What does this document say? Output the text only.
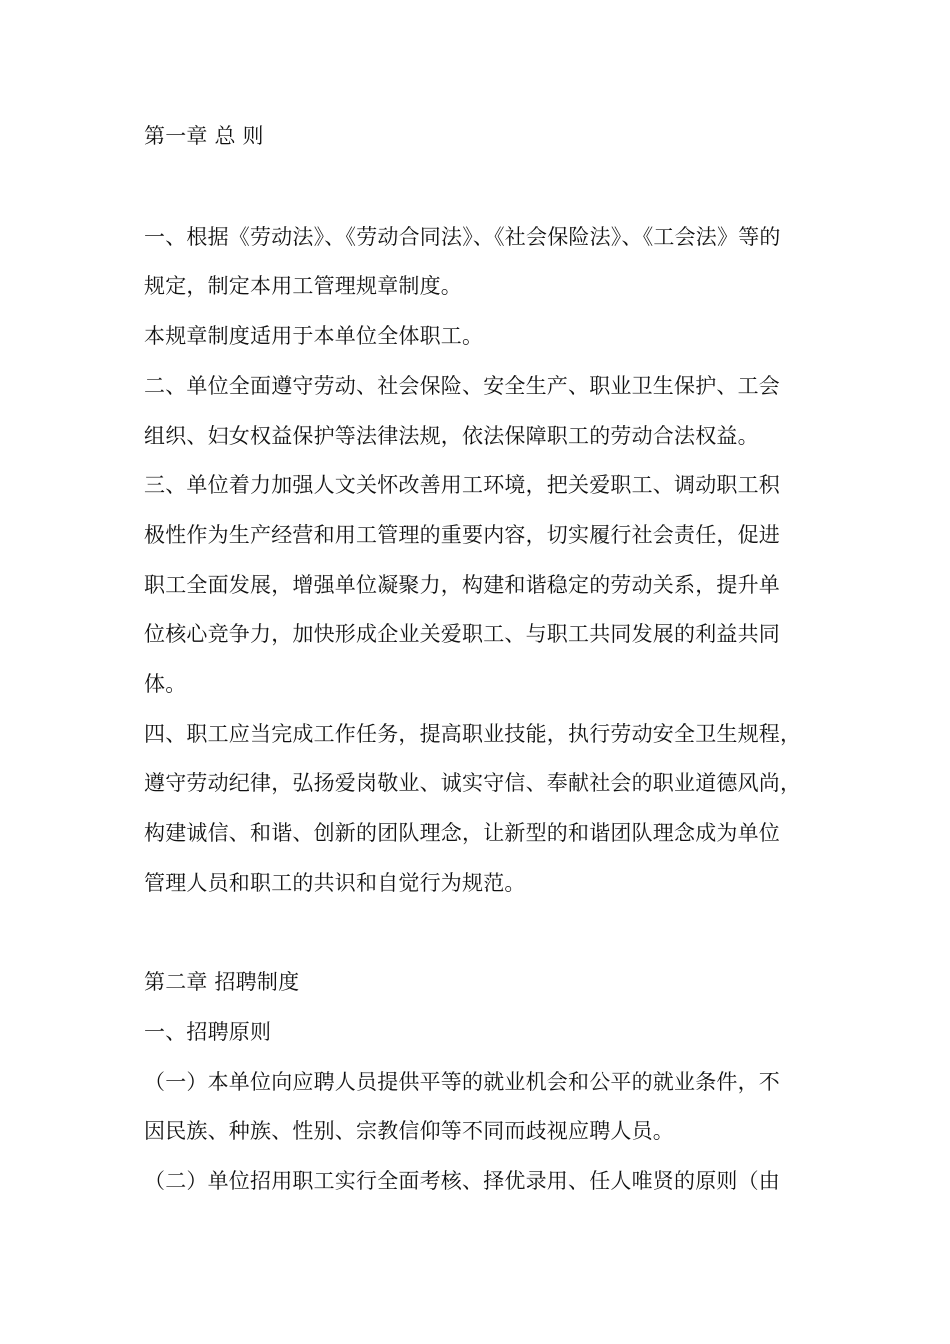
第一章 总 则
一、根据《劳动法》、《劳动合同法》、《社会保险法》、《工会法》等的
规定，制定本用工管理规章制度。
本规章制度适用于本单位全体职工。
二、单位全面遵守劳动、社会保险、安全生产、职业卫生保护、工会
组织、妇女权益保护等法律法规，依法保障职工的劳动合法权益。
三、单位着力加强人文关怀改善用工环境，把关爱职工、调动职工积
极性作为生产经营和用工管理的重要内容，切实履行社会责任，促进
职工全面发展，增强单位凝聚力，构建和谐稳定的劳动关系，提升单
位核心竞争力，加快形成企业关爱职工、与职工共同发展的利益共同
体。
四、职工应当完成工作任务，提高职业技能，执行劳动安全卫生规程，
遵守劳动纪律，弘扬爱岗敬业、诚实守信、奉献社会的职业道德风尚，
构建诚信、和谐、创新的团队理念，让新型的和谐团队理念成为单位
管理人员和职工的共识和自觉行为规范。
第二章 招聘制度
一、招聘原则
（一）本单位向应聘人员提供平等的就业机会和公平的就业条件，不
因民族、种族、性别、宗教信仰等不同而歧视应聘人员。
（二）单位招用职工实行全面考核、择优录用、任人唯贤的原则（由
